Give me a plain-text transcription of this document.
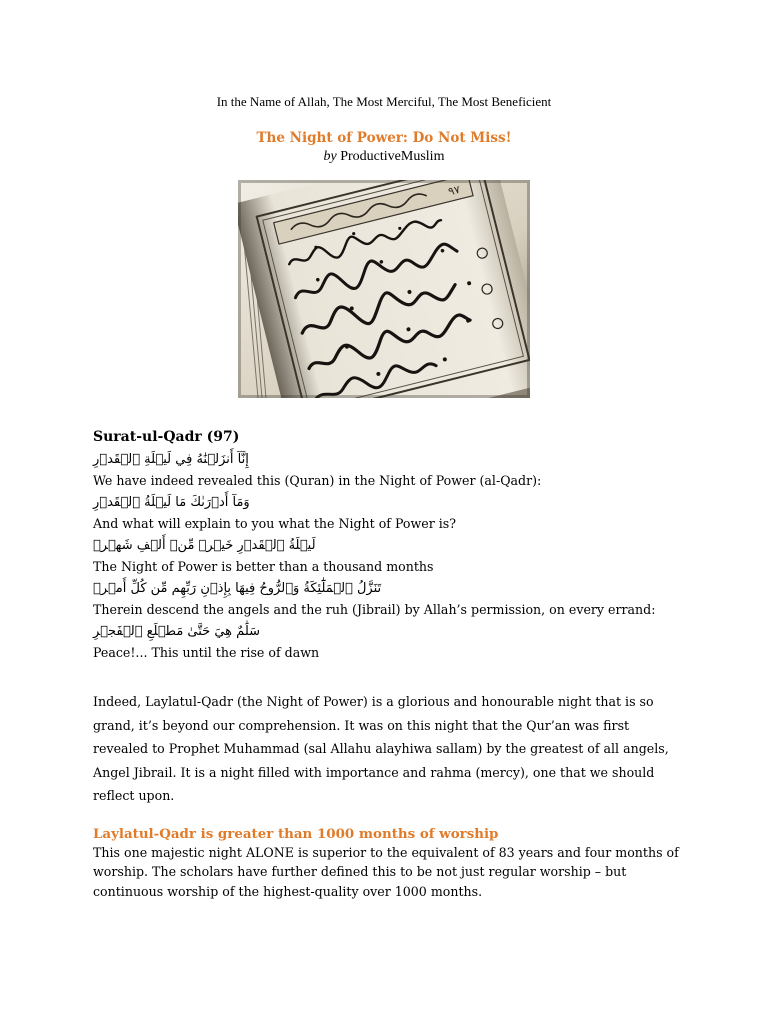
In the Name of Allah, The Most Merciful, The Most Beneficient
The Night of Power: Do Not Miss!
by ProductiveMuslim
٩٧
Surat-ul-Qadr (97)
إِنَّآ أَنزَلۡنَٰهُ فِي لَيۡلَةِ ٱلۡقَدۡرِ
We have indeed revealed this (Quran) in the Night of Power (al-Qadr):
وَمَآ أَدۡرَىٰكَ مَا لَيۡلَةُ ٱلۡقَدۡرِ
And what will explain to you what the Night of Power is?
لَيۡلَةُ ٱلۡقَدۡرِ خَيۡرٞ مِّنۡ أَلۡفِ شَهۡرٖ
The Night of Power is better than a thousand months
تَنَزَّلُ ٱلۡمَلَٰٓئِكَةُ وَٱلرُّوحُ فِيهَا بِإِذۡنِ رَبِّهِم مِّن كُلِّ أَمۡرٖ
Therein descend the angels and the ruh (Jibrail) by Allah’s permission, on every errand:
سَلَٰمٌ هِيَ حَتَّىٰ مَطۡلَعِ ٱلۡفَجۡرِ
Peace!... This until the rise of dawn
Indeed, Laylatul-Qadr (the Night of Power) is a glorious and honourable night that is so grand, it’s beyond our comprehension. It was on this night that the Qur’an was first revealed to Prophet Muhammad (sal Allahu alayhiwa sallam) by the greatest of all angels, Angel Jibrail. It is a night filled with importance and rahma (mercy), one that we should reflect upon.
Laylatul-Qadr is greater than 1000 months of worship
This one majestic night ALONE is superior to the equivalent of 83 years and four months of worship. The scholars have further defined this to be not just regular worship – but continuous worship of the highest-quality over 1000 months.
